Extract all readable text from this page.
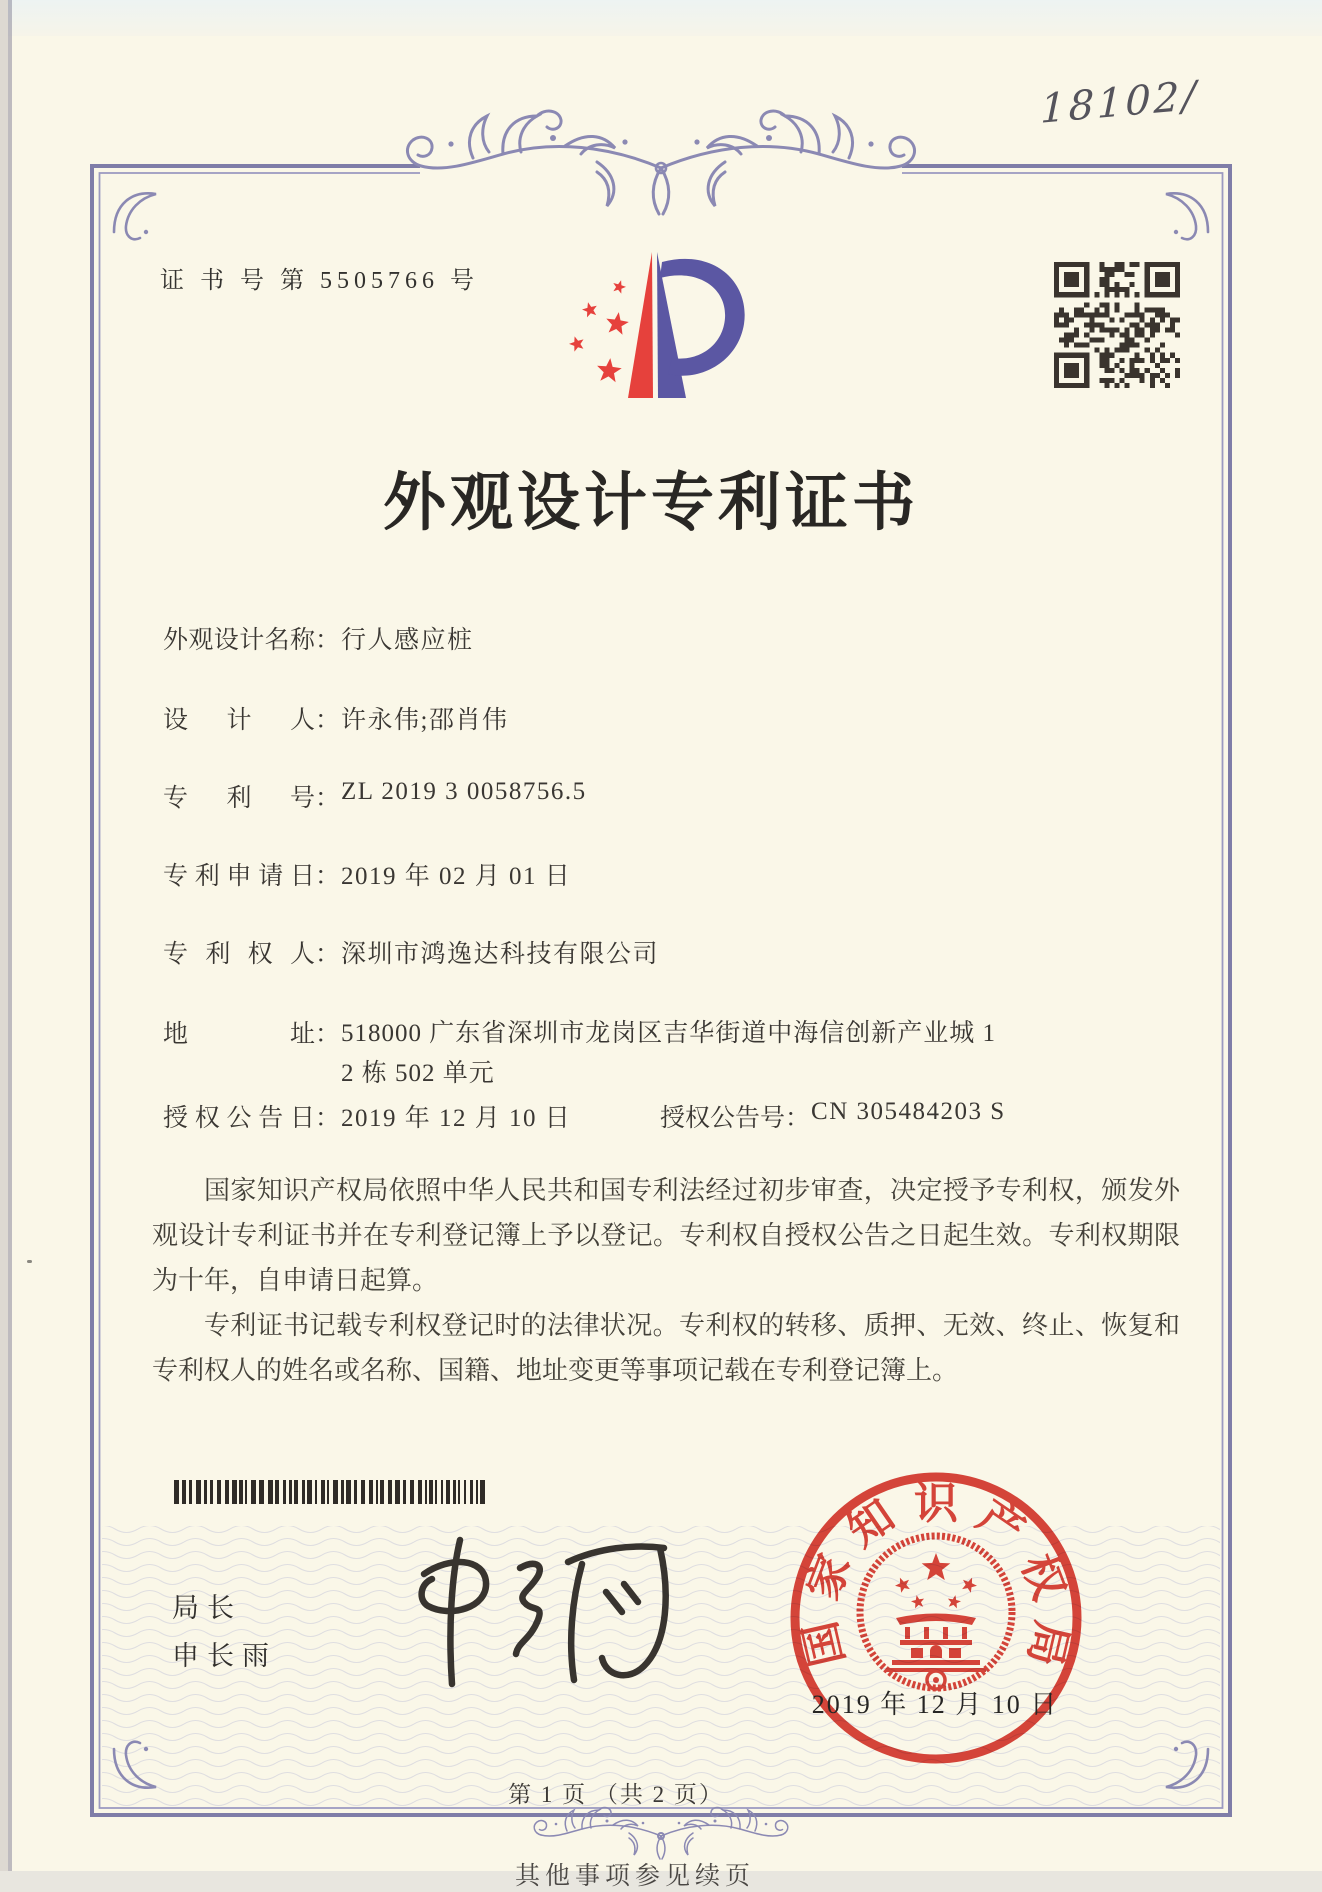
18102/
证 书 号 第 5505766 号
外观设计专利证书
外观设计名称：行人感应桩
设计人：许永伟;邵肖伟
专利号：ZL 2019 3 0058756.5
专利申请日：2019 年 02 月 01 日
专利权人：深圳市鸿逸达科技有限公司
地址： 518000 广东省深圳市龙岗区吉华街道中海信创新产业城 1
2 栋 502 单元
授权公告日：2019 年 12 月 10 日	授权公告号：CN 305484203 S

国家知识产权局依照中华人民共和国专利法经过初步审查，决定授予专利权，颁发外观设计专利证书并在专利登记簿上予以登记。专利权自授权公告之日起生效。专利权期限为十年，自申请日起算。

专利证书记载专利权登记时的法律状况。专利权的转移、质押、无效、终止、恢复和专利权人的姓名或名称、国籍、地址变更等事项记载在专利登记簿上。

局长
申长雨	国
家
知 识 产
权
局
2019 年 12 月 10 日
第 1 页 （共 2 页）
其他事项参见续页
